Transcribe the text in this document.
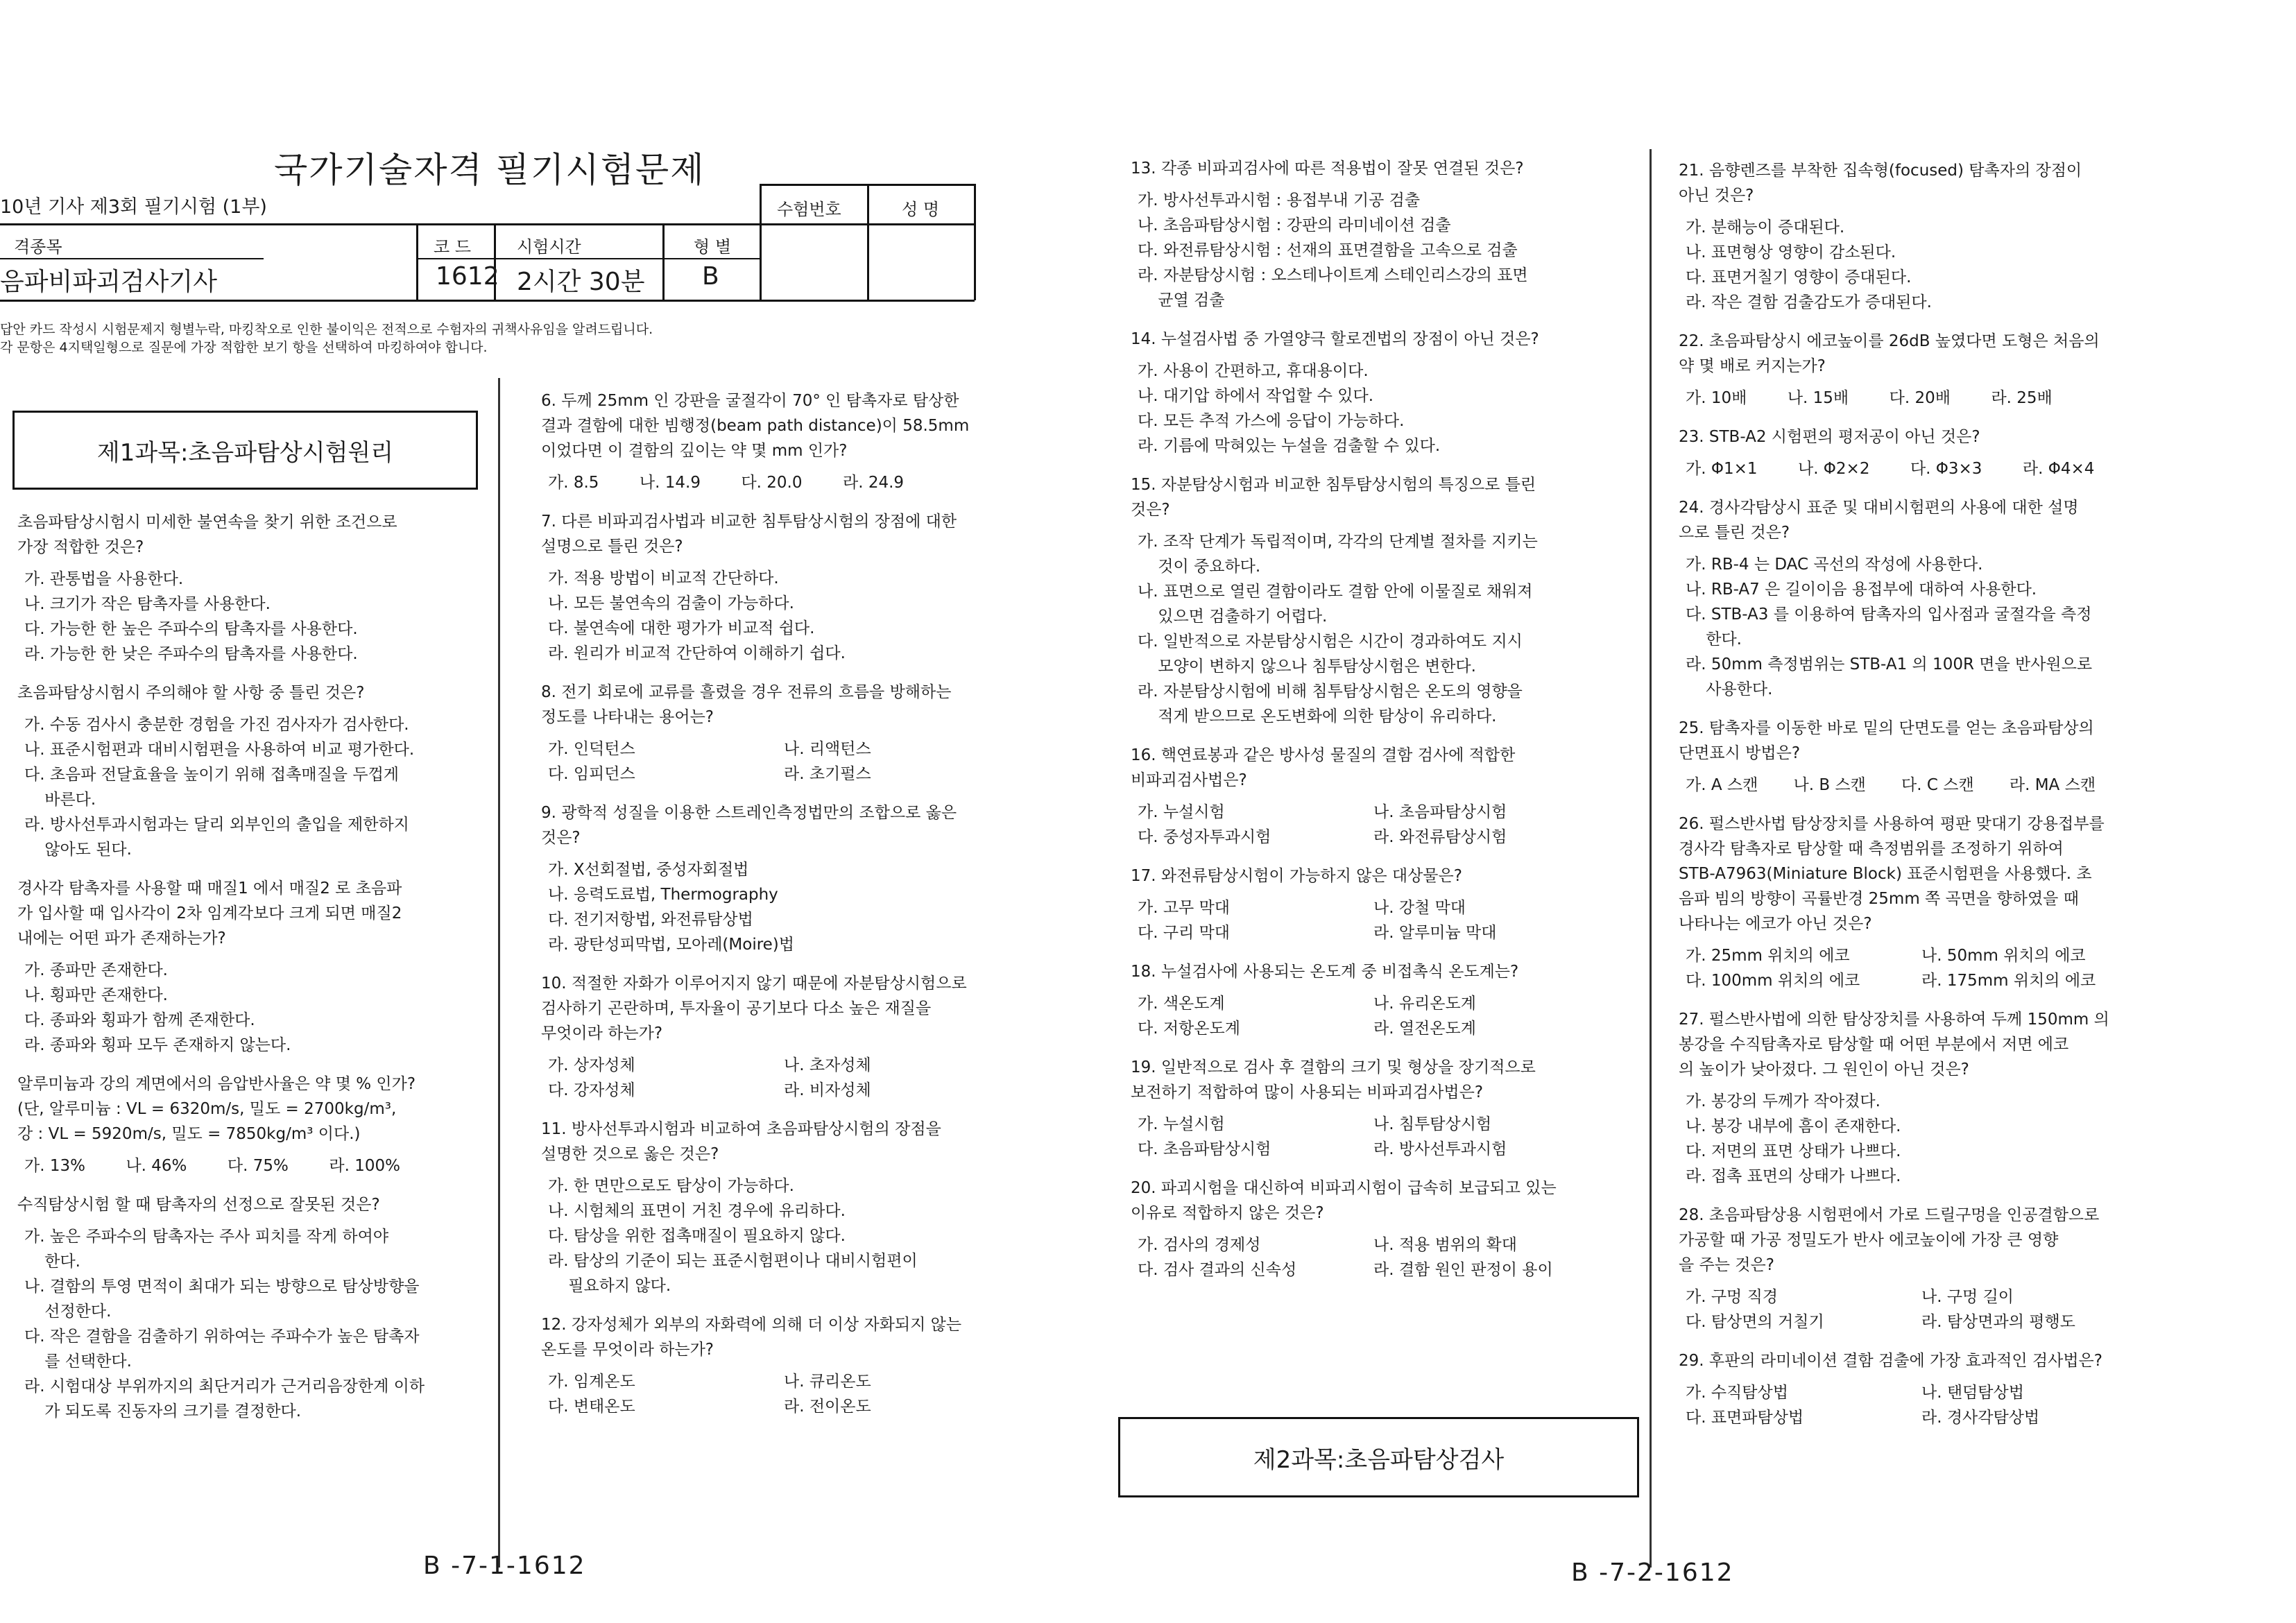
국가기술자격 필기시험문제
10년 기사 제3회 필기시험 (1부)	수험번호	성 명
격종목
음파비파괴검사기사
코 드
1612
시험시간
2시간 30분
형 별
B
답안 카드 작성시 시험문제지 형별누락, 마킹착오로 인한 불이익은 전적으로 수험자의 귀책사유임을 알려드립니다.
각 문항은 4지택일형으로 질문에 가장 적합한 보기 항을 선택하여 마킹하여야 합니다.
제1과목:초음파탐상시험원리
초음파탐상시험시 미세한 불연속을 찾기 위한 조건으로
가장 적합한 것은?
가. 관통법을 사용한다.
나. 크기가 작은 탐촉자를 사용한다.
다. 가능한 한 높은 주파수의 탐촉자를 사용한다.
라. 가능한 한 낮은 주파수의 탐촉자를 사용한다.
초음파탐상시험시 주의해야 할 사항 중 틀린 것은?
가. 수동 검사시 충분한 경험을 가진 검사자가 검사한다.
나. 표준시험편과 대비시험편을 사용하여 비교 평가한다.
다. 초음파 전달효율을 높이기 위해 접촉매질을 두껍게
바른다.
라. 방사선투과시험과는 달리 외부인의 출입을 제한하지
않아도 된다.
경사각 탐촉자를 사용할 때 매질1 에서 매질2 로 초음파
가 입사할 때 입사각이 2차 임계각보다 크게 되면 매질2
내에는 어떤 파가 존재하는가?
가. 종파만 존재한다.
나. 횡파만 존재한다.
다. 종파와 횡파가 함께 존재한다.
라. 종파와 횡파 모두 존재하지 않는다.
알루미늄과 강의 계면에서의 음압반사율은 약 몇 % 인가?
(단, 알루미늄 : VL = 6320m/s, 밀도 = 2700kg/m³,
강 : VL = 5920m/s, 밀도 = 7850kg/m³ 이다.)
가. 13%        나. 46%        다. 75%        라. 100%
수직탐상시험 할 때 탐촉자의 선정으로 잘못된 것은?
가. 높은 주파수의 탐촉자는 주사 피치를 작게 하여야
한다.
나. 결함의 투영 면적이 최대가 되는 방향으로 탐상방향을
선정한다.
다. 작은 결함을 검출하기 위하여는 주파수가 높은 탐촉자
를 선택한다.
라. 시험대상 부위까지의 최단거리가 근거리음장한계 이하
가 되도록 진동자의 크기를 결정한다.
6. 두께 25mm 인 강판을 굴절각이 70° 인 탐촉자로 탐상한
결과 결함에 대한 빔행정(beam path distance)이 58.5mm
이었다면 이 결함의 깊이는 약 몇 mm 인가?
가. 8.5        나. 14.9        다. 20.0        라. 24.9
7. 다른 비파괴검사법과 비교한 침투탐상시험의 장점에 대한
설명으로 틀린 것은?
가. 적용 방법이 비교적 간단하다.
나. 모든 불연속의 검출이 가능하다.
다. 불연속에 대한 평가가 비교적 쉽다.
라. 원리가 비교적 간단하여 이해하기 쉽다.
8. 전기 회로에 교류를 흘렸을 경우 전류의 흐름을 방해하는
정도를 나타내는 용어는?
가. 인덕턴스	나. 리액턴스
다. 임피던스	라. 초기펄스
9. 광학적 성질을 이용한 스트레인측정법만의 조합으로 옳은
것은?
가. X선회절법, 중성자회절법
나. 응력도료법, Thermography
다. 전기저항법, 와전류탐상법
라. 광탄성피막법, 모아레(Moire)법
10. 적절한 자화가 이루어지지 않기 때문에 자분탐상시험으로
검사하기 곤란하며, 투자율이 공기보다 다소 높은 재질을
무엇이라 하는가?
가. 상자성체	나. 초자성체
다. 강자성체	라. 비자성체
11. 방사선투과시험과 비교하여 초음파탐상시험의 장점을
설명한 것으로 옳은 것은?
가. 한 면만으로도 탐상이 가능하다.
나. 시험체의 표면이 거친 경우에 유리하다.
다. 탐상을 위한 접촉매질이 필요하지 않다.
라. 탐상의 기준이 되는 표준시험편이나 대비시험편이
필요하지 않다.
12. 강자성체가 외부의 자화력에 의해 더 이상 자화되지 않는
온도를 무엇이라 하는가?
가. 임계온도	나. 큐리온도
다. 변태온도	라. 전이온도
13. 각종 비파괴검사에 따른 적용법이 잘못 연결된 것은?
가. 방사선투과시험 : 용접부내 기공 검출
나. 초음파탐상시험 : 강판의 라미네이션 검출
다. 와전류탐상시험 : 선재의 표면결함을 고속으로 검출
라. 자분탐상시험 : 오스테나이트계 스테인리스강의 표면
균열 검출
14. 누설검사법 중 가열양극 할로겐법의 장점이 아닌 것은?
가. 사용이 간편하고, 휴대용이다.
나. 대기압 하에서 작업할 수 있다.
다. 모든 추적 가스에 응답이 가능하다.
라. 기름에 막혀있는 누설을 검출할 수 있다.
15. 자분탐상시험과 비교한 침투탐상시험의 특징으로 틀린
것은?
가. 조작 단계가 독립적이며, 각각의 단계별 절차를 지키는
것이 중요하다.
나. 표면으로 열린 결함이라도 결함 안에 이물질로 채워져
있으면 검출하기 어렵다.
다. 일반적으로 자분탐상시험은 시간이 경과하여도 지시
모양이 변하지 않으나 침투탐상시험은 변한다.
라. 자분탐상시험에 비해 침투탐상시험은 온도의 영향을
적게 받으므로 온도변화에 의한 탐상이 유리하다.
16. 핵연료봉과 같은 방사성 물질의 결함 검사에 적합한
비파괴검사법은?
가. 누설시험	나. 초음파탐상시험
다. 중성자투과시험	라. 와전류탐상시험
17. 와전류탐상시험이 가능하지 않은 대상물은?
가. 고무 막대	나. 강철 막대
다. 구리 막대	라. 알루미늄 막대
18. 누설검사에 사용되는 온도계 중 비접촉식 온도계는?
가. 색온도계	나. 유리온도계
다. 저항온도계	라. 열전온도계
19. 일반적으로 검사 후 결함의 크기 및 형상을 장기적으로
보전하기 적합하여 많이 사용되는 비파괴검사법은?
가. 누설시험	나. 침투탐상시험
다. 초음파탐상시험	라. 방사선투과시험
20. 파괴시험을 대신하여 비파괴시험이 급속히 보급되고 있는
이유로 적합하지 않은 것은?
가. 검사의 경제성	나. 적용 범위의 확대
다. 검사 결과의 신속성	라. 결함 원인 판정이 용이
21. 음향렌즈를 부착한 집속형(focused) 탐촉자의 장점이
아닌 것은?
가. 분해능이 증대된다.
나. 표면형상 영향이 감소된다.
다. 표면거칠기 영향이 증대된다.
라. 작은 결함 검출감도가 증대된다.
22. 초음파탐상시 에코높이를 26dB 높였다면 도형은 처음의
약 몇 배로 커지는가?
가. 10배        나. 15배        다. 20배        라. 25배
23. STB-A2 시험편의 평저공이 아닌 것은?
가. Φ1×1        나. Φ2×2        다. Φ3×3        라. Φ4×4
24. 경사각탐상시 표준 및 대비시험편의 사용에 대한 설명
으로 틀린 것은?
가. RB-4 는 DAC 곡선의 작성에 사용한다.
나. RB-A7 은 길이이음 용접부에 대하여 사용한다.
다. STB-A3 를 이용하여 탐촉자의 입사점과 굴절각을 측정
한다.
라. 50mm 측정범위는 STB-A1 의 100R 면을 반사원으로
사용한다.
25. 탐촉자를 이동한 바로 밑의 단면도를 얻는 초음파탐상의
단면표시 방법은?
가. A 스캔       나. B 스캔       다. C 스캔       라. MA 스캔
26. 펄스반사법 탐상장치를 사용하여 평판 맞대기 강용접부를
경사각 탐촉자로 탐상할 때 측정범위를 조정하기 위하여
STB-A7963(Miniature Block) 표준시험편을 사용했다. 초
음파 빔의 방향이 곡률반경 25mm 쪽 곡면을 향하였을 때
나타나는 에코가 아닌 것은?
가. 25mm 위치의 에코	나. 50mm 위치의 에코
다. 100mm 위치의 에코	라. 175mm 위치의 에코
27. 펄스반사법에 의한 탐상장치를 사용하여 두께 150mm 의
봉강을 수직탐촉자로 탐상할 때 어떤 부분에서 저면 에코
의 높이가 낮아졌다. 그 원인이 아닌 것은?
가. 봉강의 두께가 작아졌다.
나. 봉강 내부에 흠이 존재한다.
다. 저면의 표면 상태가 나쁘다.
라. 접촉 표면의 상태가 나쁘다.
28. 초음파탐상용 시험편에서 가로 드릴구멍을 인공결함으로
가공할 때 가공 정밀도가 반사 에코높이에 가장 큰 영향
을 주는 것은?
가. 구멍 직경	나. 구멍 길이
다. 탐상면의 거칠기	라. 탐상면과의 평행도
29. 후판의 라미네이션 결함 검출에 가장 효과적인 검사법은?
가. 수직탐상법	나. 탠덤탐상법
다. 표면파탐상법	라. 경사각탐상법
제2과목:초음파탐상검사
B -7-1-1612	B -7-2-1612
